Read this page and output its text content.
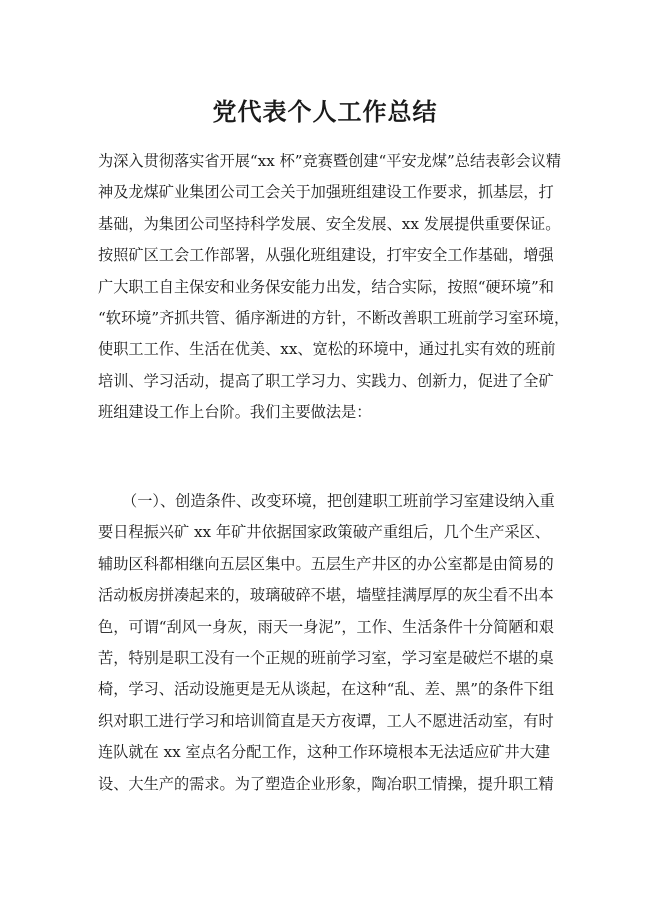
党代表个人工作总结

为深入贯彻落实省开展“xx 杯”竞赛暨创建“平安龙煤”总结表彰会议精
神及龙煤矿业集团公司工会关于加强班组建设工作要求，抓基层，打
基础，为集团公司坚持科学发展、安全发展、xx 发展提供重要保证。
按照矿区工会工作部署，从强化班组建设，打牢安全工作基础，增强
广大职工自主保安和业务保安能力出发，结合实际，按照“硬环境”和
“软环境”齐抓共管、循序渐进的方针，不断改善职工班前学习室环境，
使职工工作、生活在优美、xx、宽松的环境中，通过扎实有效的班前
培训、学习活动，提高了职工学习力、实践力、创新力，促进了全矿
班组建设工作上台阶。我们主要做法是：

（一）、创造条件、改变环境，把创建职工班前学习室建设纳入重
要日程振兴矿 xx 年矿井依据国家政策破产重组后，几个生产采区、
辅助区科都相继向五层区集中。五层生产井区的办公室都是由简易的
活动板房拼凑起来的，玻璃破碎不堪，墙壁挂满厚厚的灰尘看不出本
色，可谓“刮风一身灰，雨天一身泥”，工作、生活条件十分简陋和艰
苦，特别是职工没有一个正规的班前学习室，学习室是破烂不堪的桌
椅，学习、活动设施更是无从谈起，在这种“乱、差、黑”的条件下组
织对职工进行学习和培训简直是天方夜谭，工人不愿进活动室，有时
连队就在 xx 室点名分配工作，这种工作环境根本无法适应矿井大建
设、大生产的需求。为了塑造企业形象，陶冶职工情操，提升职工精
